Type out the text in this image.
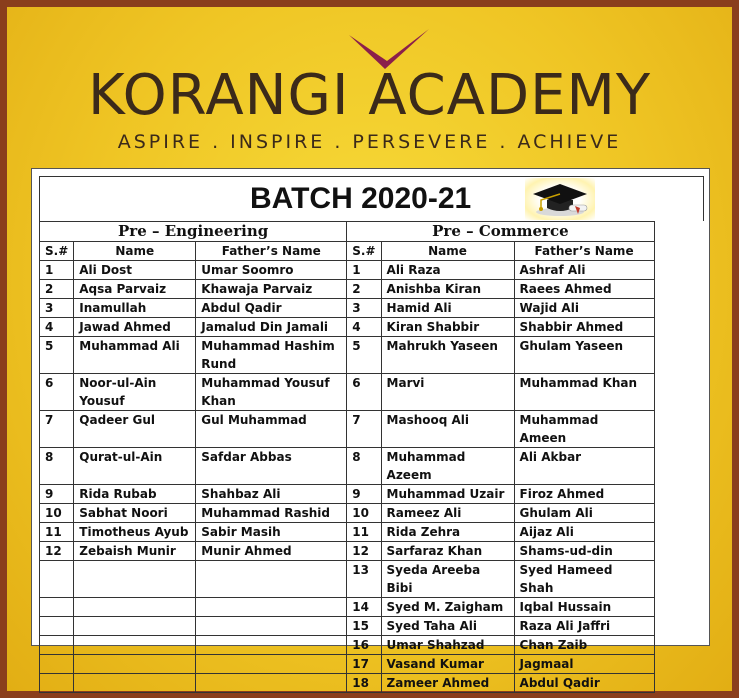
KORANGI ACADEMY
ASPIRE . INSPIRE . PERSEVERE . ACHIEVE
BATCH 2020-21
Pre – Engineering			Pre – Commerce		
S.#	Name	Father’s Name	S.#	Name	Father’s Name
1	Ali Dost	Umar Soomro	1	Ali Raza	Ashraf Ali
2	Aqsa Parvaiz	Khawaja Parvaiz	2	Anishba Kiran	Raees Ahmed
3	Inamullah	Abdul Qadir	3	Hamid Ali	Wajid Ali
4	Jawad Ahmed	Jamalud Din Jamali	4	Kiran Shabbir	Shabbir Ahmed
5	Muhammad Ali	Muhammad Hashim Rund	5	Mahrukh Yaseen	Ghulam Yaseen
6	Noor-ul-Ain Yousuf	Muhammad Yousuf Khan	6	Marvi	Muhammad Khan
7	Qadeer Gul	Gul Muhammad	7	Mashooq Ali	Muhammad Ameen
8	Qurat-ul-Ain	Safdar Abbas	8	Muhammad Azeem	Ali Akbar
9	Rida Rubab	Shahbaz Ali	9	Muhammad Uzair	Firoz Ahmed
10	Sabhat Noori	Muhammad Rashid	10	Rameez Ali	Ghulam Ali
11	Timotheus Ayub	Sabir Masih	11	Rida Zehra	Aijaz Ali
12	Zebaish Munir	Munir Ahmed	12	Sarfaraz Khan	Shams-ud-din
			13	Syeda Areeba Bibi	Syed Hameed Shah
			14	Syed M. Zaigham	Iqbal Hussain
			15	Syed Taha Ali	Raza Ali Jaffri
			16	Umar Shahzad	Chan Zaib
			17	Vasand Kumar	Jagmaal
			18	Zameer Ahmed	Abdul Qadir
